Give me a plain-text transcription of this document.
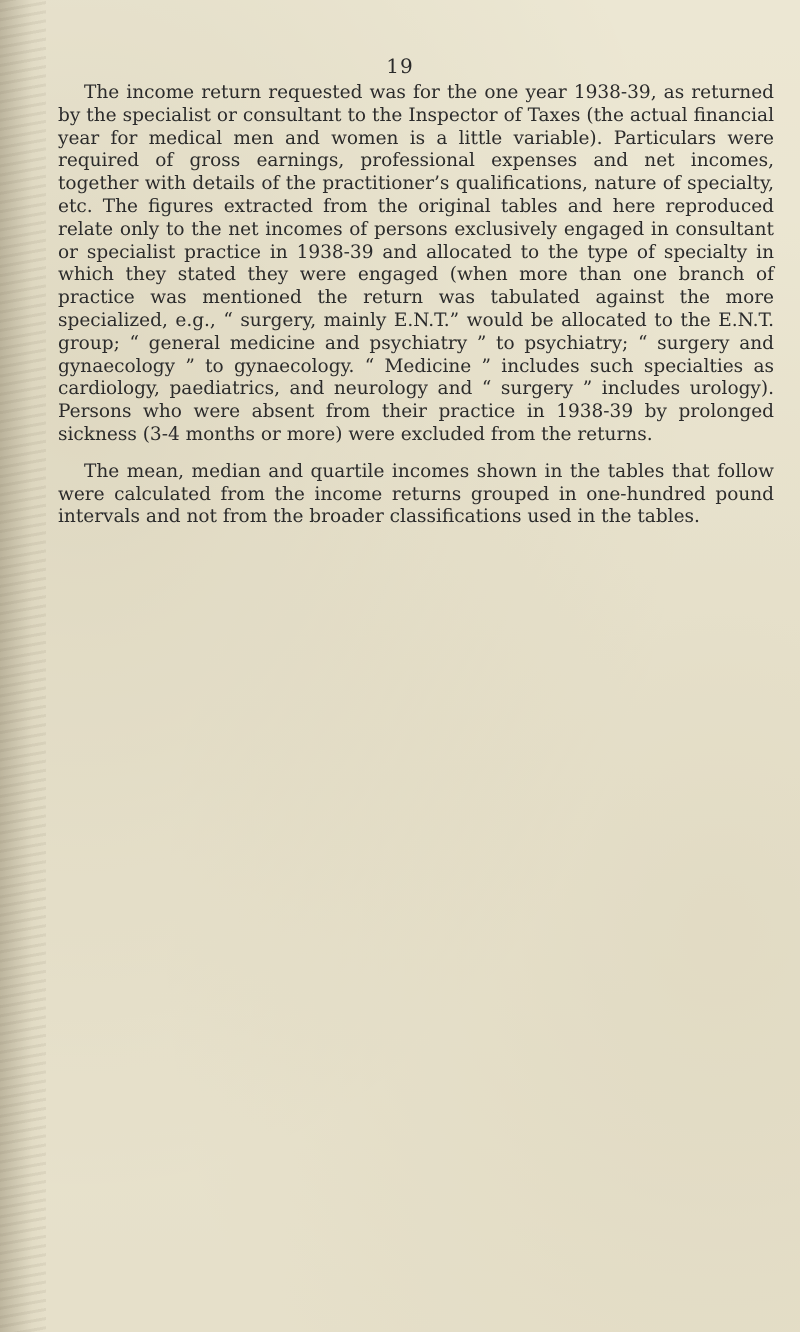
19

The income return requested was for the one year 1938-39, as returned by the specialist or consultant to the Inspector of Taxes (the actual financial year for medical men and women is a little variable). Particulars were required of gross earnings, professional expenses and net incomes, together with details of the practitioner’s qualifications, nature of specialty, etc. The figures extracted from the original tables and here reproduced relate only to the net incomes of persons exclusively engaged in consultant or specialist practice in 1938-39 and allocated to the type of specialty in which they stated they were engaged (when more than one branch of practice was mentioned the return was tabulated against the more specialized, e.g., “ surgery, mainly E.N.T.” would be allocated to the E.N.T. group; “ general medicine and psychiatry ” to psychiatry; “ surgery and gynaecology ” to gynaecology. “ Medicine ” includes such specialties as cardiology, paediatrics, and neurology and “ surgery ” includes urology). Persons who were absent from their practice in 1938-39 by prolonged sickness (3-4 months or more) were excluded from the returns.

The mean, median and quartile incomes shown in the tables that follow were calculated from the income returns grouped in one-hundred pound intervals and not from the broader classifications used in the tables.
